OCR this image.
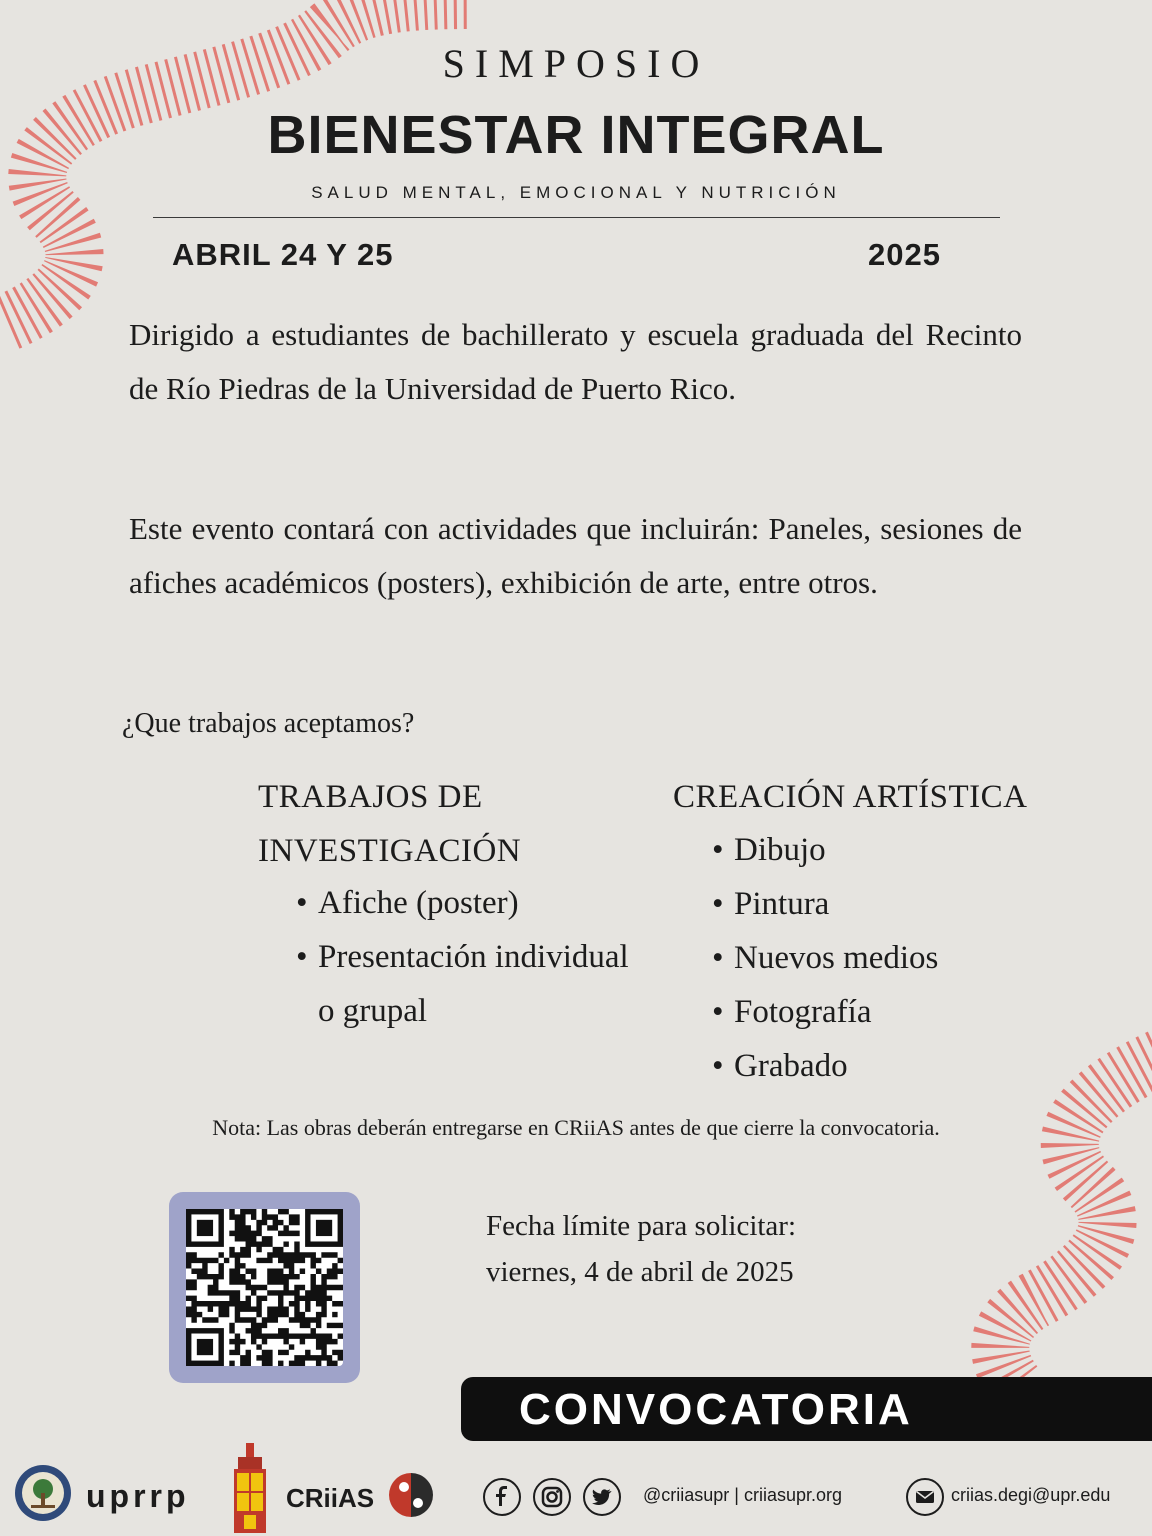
SIMPOSIO
BIENESTAR INTEGRAL
SALUD MENTAL, EMOCIONAL Y NUTRICIÓN
ABRIL 24 Y 25	2025

Dirigido a estudiantes de bachillerato y escuela graduada del Recinto de Río Piedras de la Universidad de Puerto Rico.

Este evento contará con actividades que incluirán: Paneles, sesiones de afiches académicos (posters), exhibición de arte, entre otros.

¿Que trabajos aceptamos?
TRABAJOS DE INVESTIGACIÓN
• Afiche (poster)
• Presentación individual o grupal
CREACIÓN ARTÍSTICA
• Dibujo
• Pintura
• Nuevos medios
• Fotografía
• Grabado
Nota: Las obras deberán entregarse en CRiiAS antes de que cierre la convocatoria.
Fecha límite para solicitar:
viernes, 4 de abril de 2025
CONVOCATORIA
uprrp	CRiiAS	@criiasupr | criiasupr.org	criias.degi@upr.edu
